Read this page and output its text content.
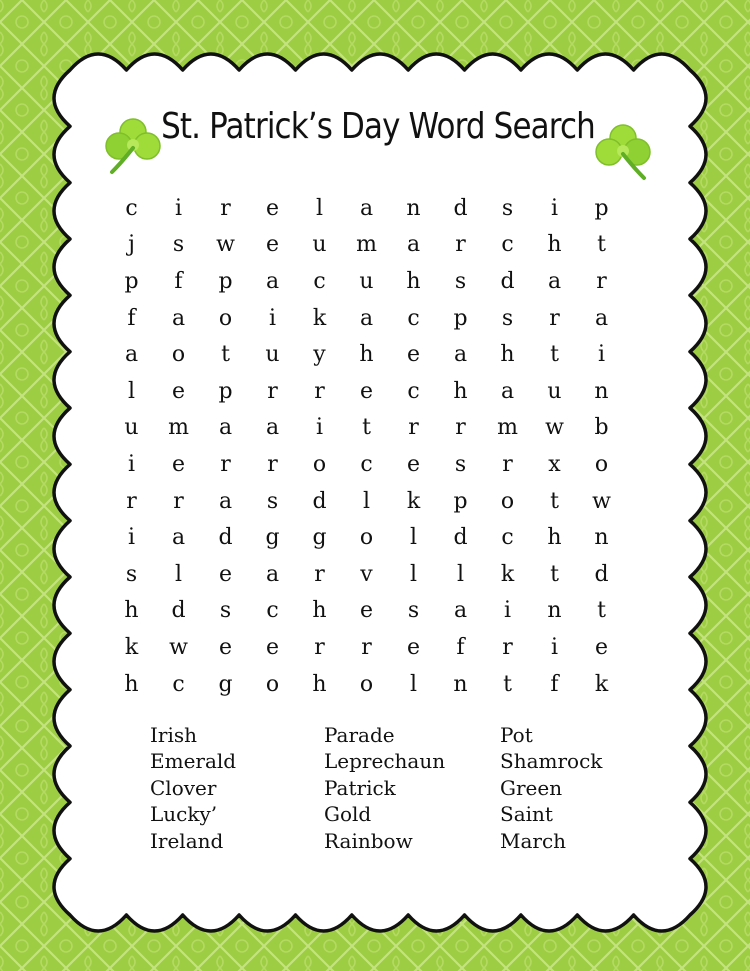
St. Patrick’s Day Word Search
c	i	r	e	l	a	n	d	s	i	p
j	s	w	e	u	m	a	r	c	h	t
p	f	p	a	c	u	h	s	d	a	r
f	a	o	i	k	a	c	p	s	r	a
a	o	t	u	y	h	e	a	h	t	i
l	e	p	r	r	e	c	h	a	u	n
u	m	a	a	i	t	r	r	m	w	b
i	e	r	r	o	c	e	s	r	x	o
r	r	a	s	d	l	k	p	o	t	w
i	a	d	g	g	o	l	d	c	h	n
s	l	e	a	r	v	l	l	k	t	d
h	d	s	c	h	e	s	a	i	n	t
k	w	e	e	r	r	e	f	r	i	e
h	c	g	o	h	o	l	n	t	f	k
Irish
Emerald
Clover
Lucky’
Ireland
Parade
Leprechaun
Patrick
Gold
Rainbow
Pot
Shamrock
Green
Saint
March
